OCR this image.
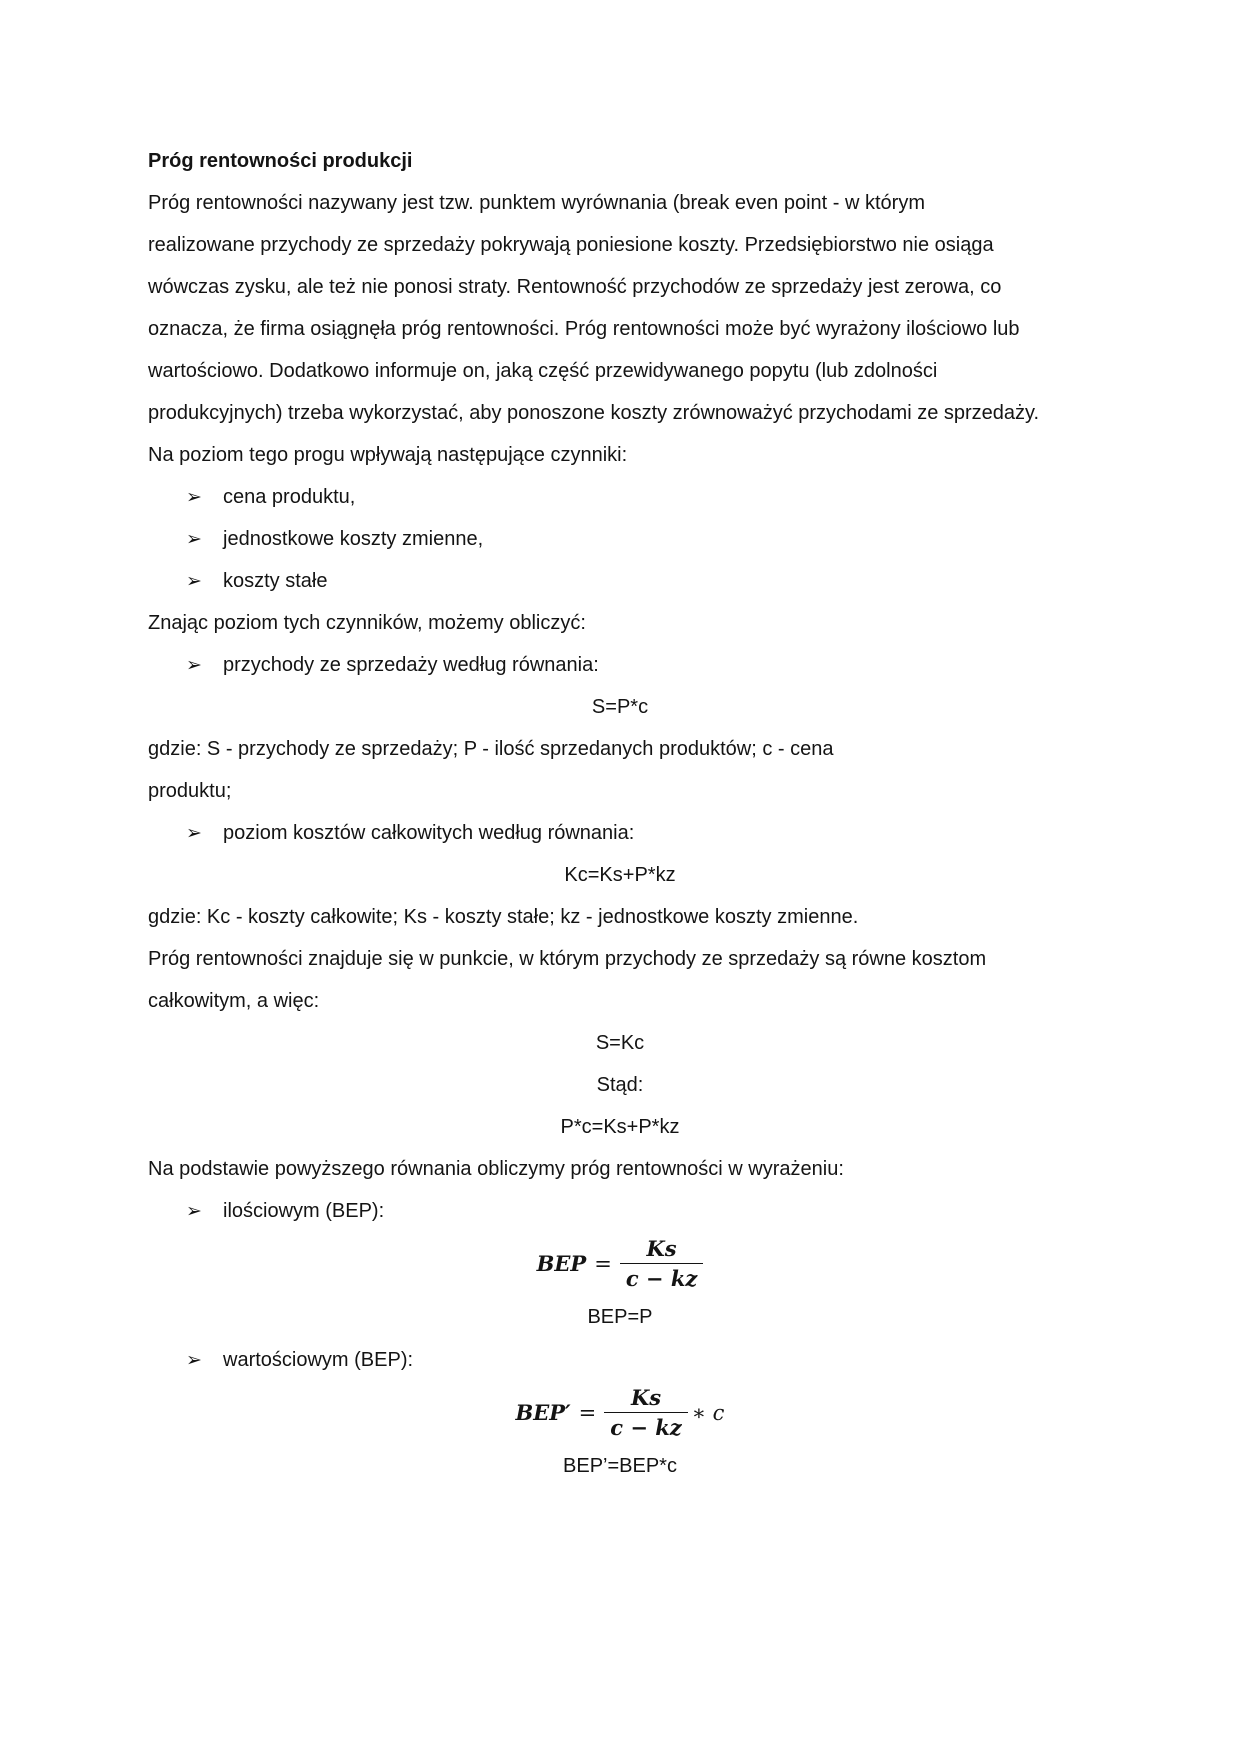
Próg rentowności produkcji
Próg rentowności nazywany jest tzw. punktem wyrównania (break even point - w którym
realizowane przychody ze sprzedaży pokrywają poniesione koszty. Przedsiębiorstwo nie osiąga
wówczas zysku, ale też nie ponosi straty. Rentowność przychodów ze sprzedaży jest zerowa, co
oznacza, że firma osiągnęła próg rentowności. Próg rentowności może być wyrażony ilościowo lub
wartościowo. Dodatkowo informuje on, jaką część przewidywanego popytu (lub zdolności
produkcyjnych) trzeba wykorzystać, aby ponoszone koszty zrównoważyć przychodami ze sprzedaży.
Na poziom tego progu wpływają następujące czynniki:
➢ cena produktu,
➢ jednostkowe koszty zmienne,
➢ koszty stałe
Znając poziom tych czynników, możemy obliczyć:
➢ przychody ze sprzedaży według równania:
S=P*c
gdzie: S - przychody ze sprzedaży; P - ilość sprzedanych produktów; c - cena
produktu;
➢ poziom kosztów całkowitych według równania:
Kc=Ks+P*kz
gdzie: Kc - koszty całkowite; Ks - koszty stałe; kz - jednostkowe koszty zmienne.
Próg rentowności znajduje się w punkcie, w którym przychody ze sprzedaży są równe kosztom
całkowitym, a więc:
S=Kc
Stąd:
P*c=Ks+P*kz
Na podstawie powyższego równania obliczymy próg rentowności w wyrażeniu:
➢ ilościowym (BEP):
BEP = $\frac{Ks}{c - kz}$
BEP=P
➢ wartościowym (BEP):
$BEP' = \frac{Ks}{c - kz}$ ∗ c
BEP’=BEP*c
